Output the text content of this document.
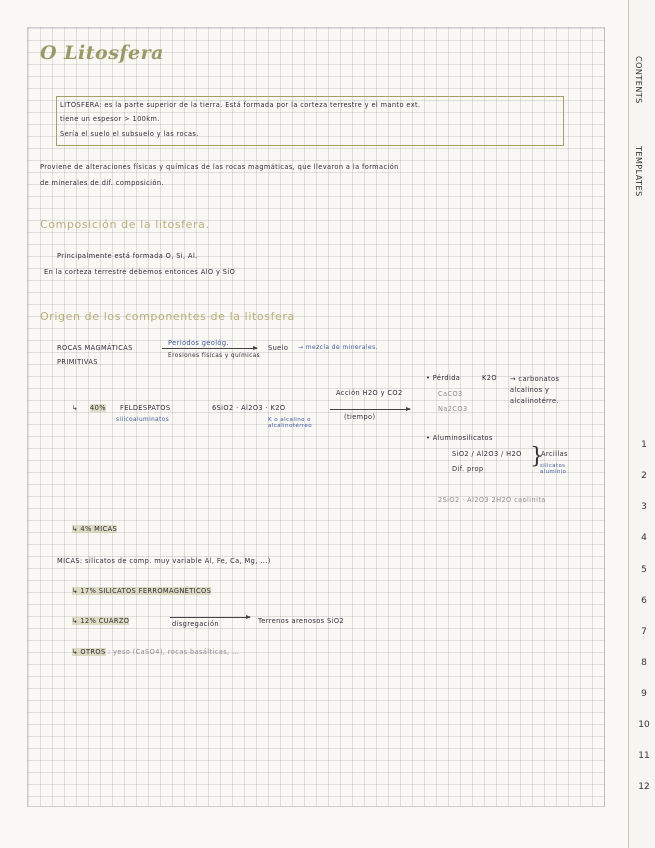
O Litosfera
LITOSFERA: es la parte superior de la tierra. Está formada por la corteza terrestre y el manto ext.
tiene un espesor > 100km.
Sería el suelo el subsuelo y las rocas.
Proviene de alteraciones físicas y químicas de las rocas magmáticas, que llevaron a la formación
de minerales de dif. composición.
Composición de la litosfera.
Principalmente está formada O, Si, Al.
En la corteza terrestre debemos entonces AlO y SiO
Origen de los componentes de la litosfera
ROCAS MAGMÁTICAS
PRIMITIVAS
Periodos geológ.
Erosiones físicas y químicas
Suelo → mezcla de minerales.
↳ 40% FELDESPATOS
silicoaluminatos
6SiO2 · Al2O3 · K2O
K o alcalino o alcalinotérreo
Acción H2O y CO2
(tiempo)
• Pérdida	K2O → carbonatos alcalinos y alcalinotérre.
CaCO3
Na2CO3
• Aluminosilicatos
SiO2 / Al2O3 / H2O
Dif. prop }
Arcillas
silicatos aluminio
2SiO2 · Al2O3 2H2O caolinita
↳ 4% MICAS
MICAS: silicatos de comp. muy variable Al, Fe, Ca, Mg, ...)
↳ 17% SILICATOS FERROMAGNÉTICOS
↳ 12% CUARZO	disgregación	Terrenos arenosos SiO2
↳ OTROS : yeso (CaSO4), rocas basálticas, ...
CONTENTS
TEMPLATES
1
2
3
4
5
6
7
8
9
10
11
12
